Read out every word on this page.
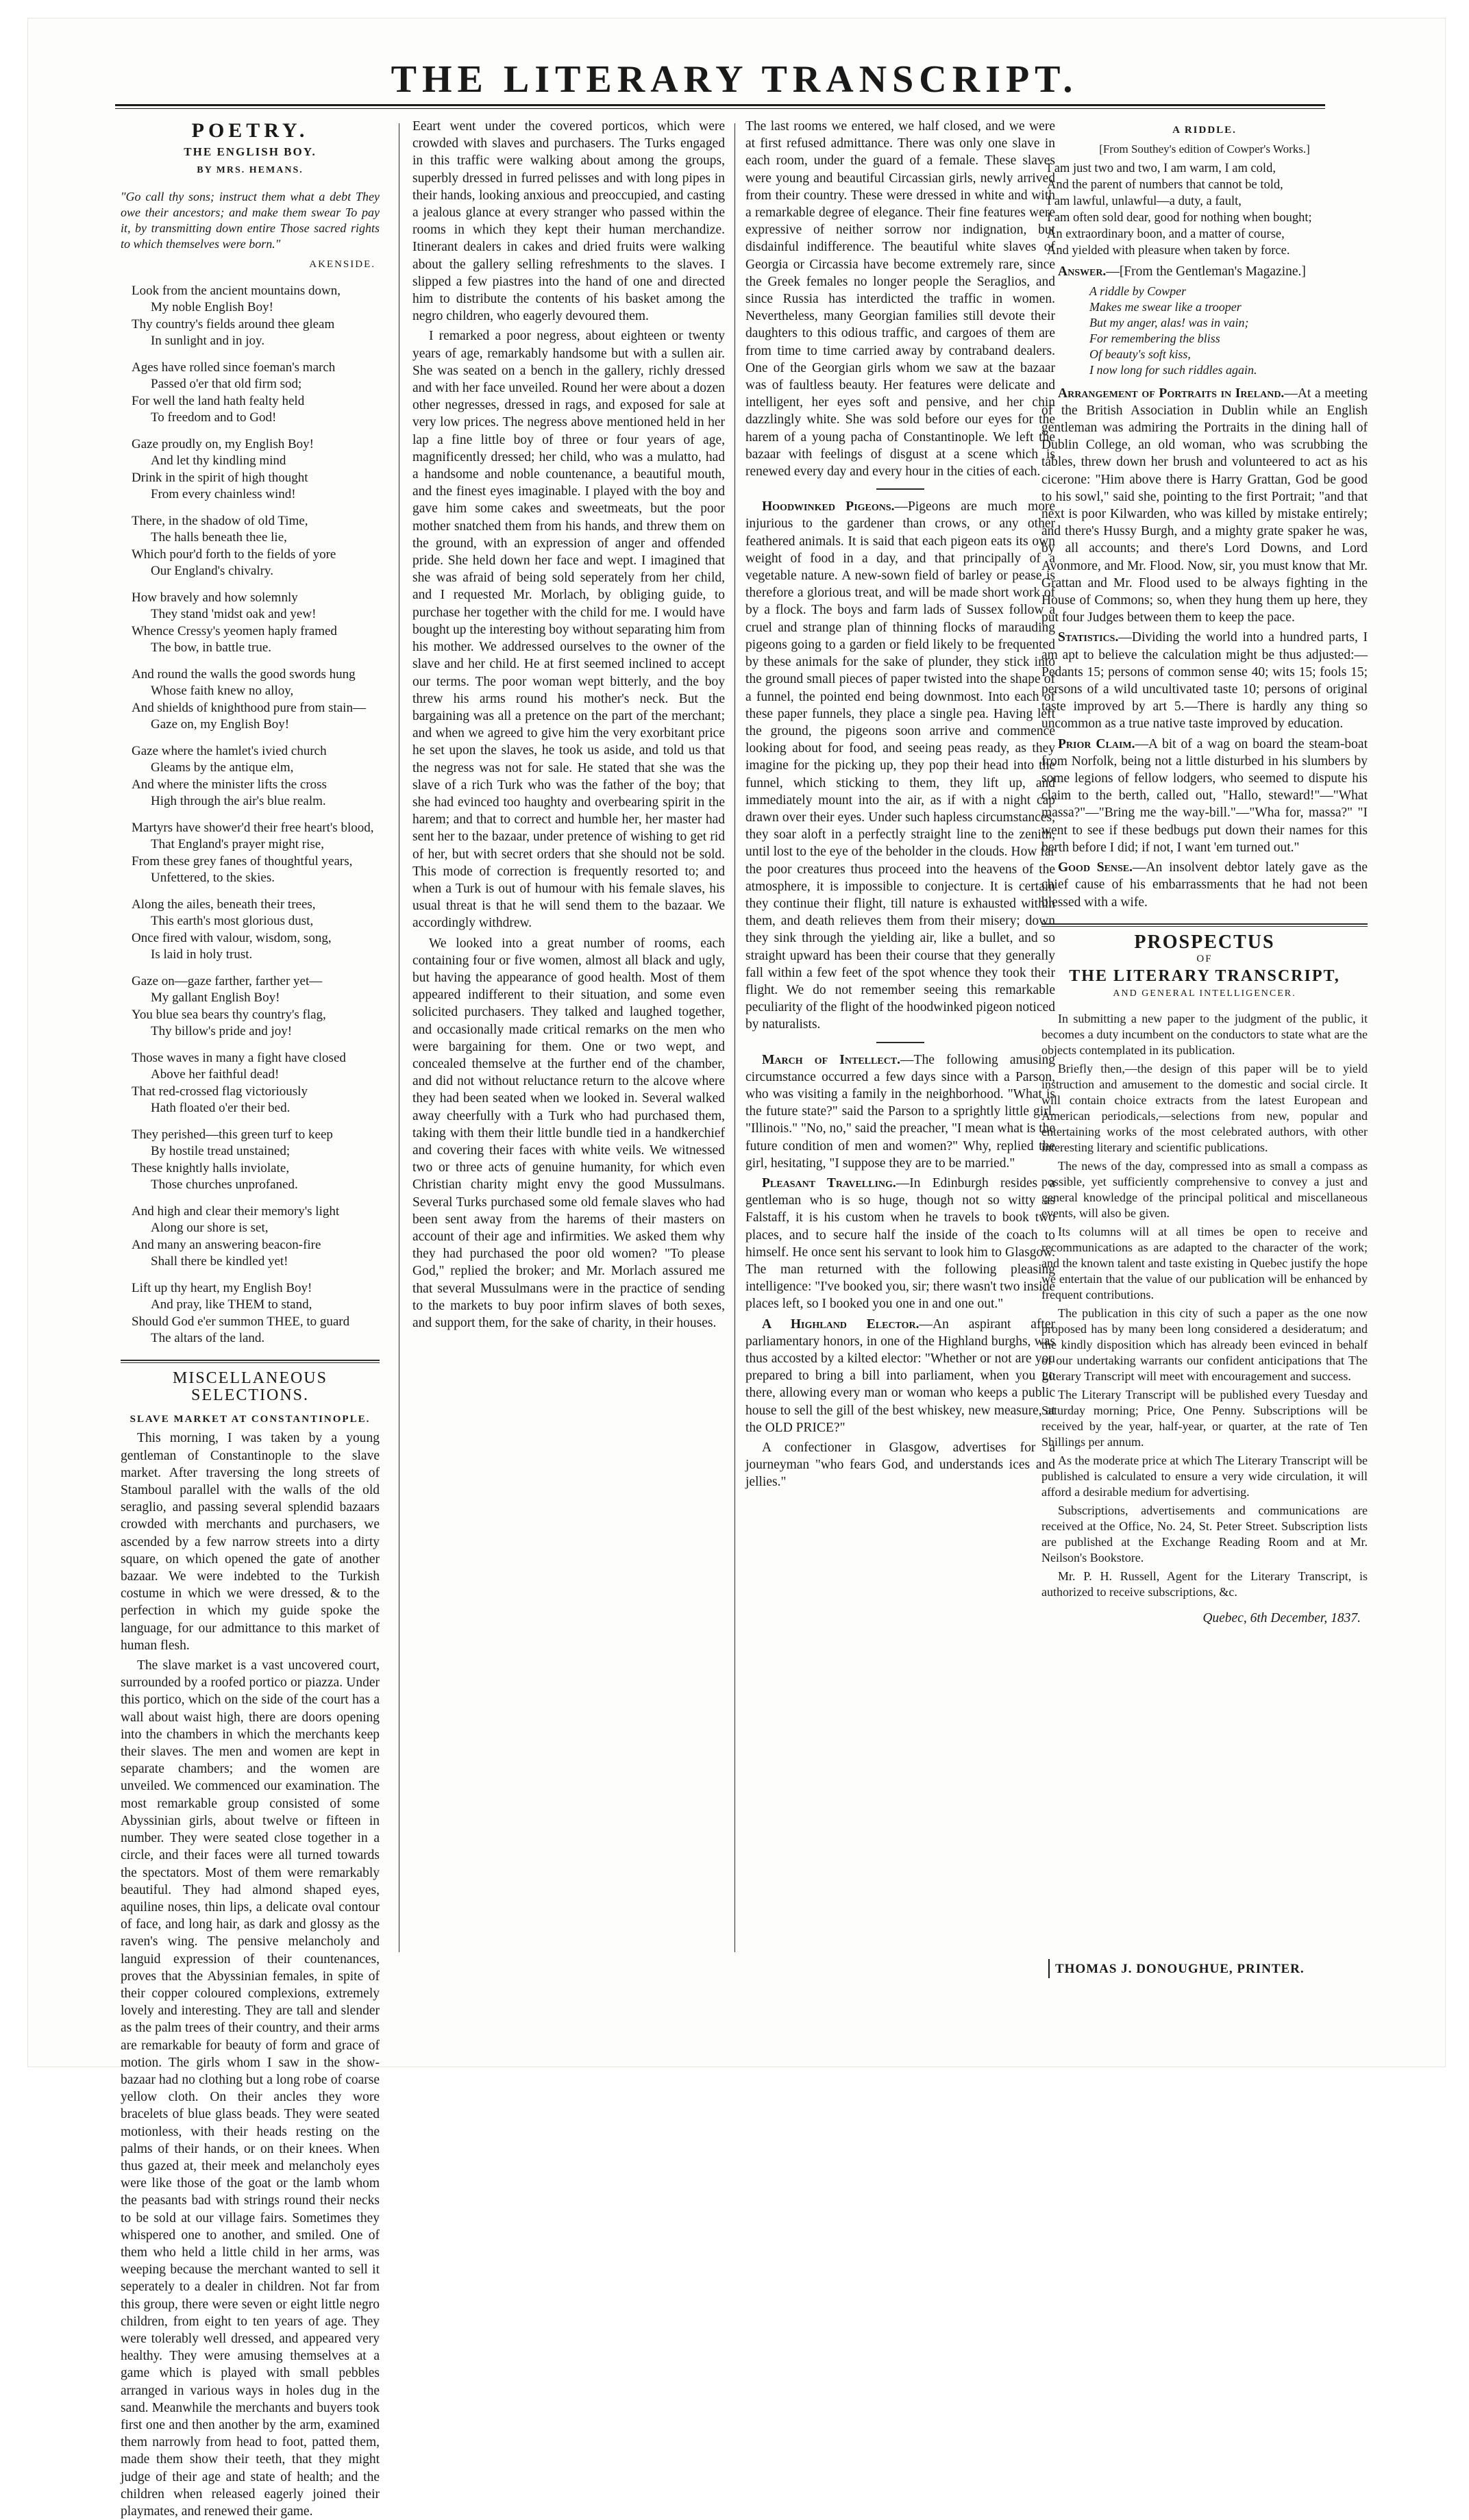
THE LITERARY TRANSCRIPT.
POETRY.
THE ENGLISH BOY.
BY MRS. HEMANS.
"Go call thy sons; instruct them what a debt They owe their ancestors; and make them swear To pay it, by transmitting down entire Those sacred rights to which themselves were born."
AKENSIDE.
Look from the ancient mountains down,
My noble English Boy!
Thy country's fields around thee gleam
In sunlight and in joy.
Ages have rolled since foeman's march
Passed o'er that old firm sod;
For well the land hath fealty held
To freedom and to God!
Gaze proudly on, my English Boy!
And let thy kindling mind
Drink in the spirit of high thought
From every chainless wind!
There, in the shadow of old Time,
The halls beneath thee lie,
Which pour'd forth to the fields of yore
Our England's chivalry.
How bravely and how solemnly
They stand 'midst oak and yew!
Whence Cressy's yeomen haply framed
The bow, in battle true.
And round the walls the good swords hung
Whose faith knew no alloy,
And shields of knighthood pure from stain—
Gaze on, my English Boy!
Gaze where the hamlet's ivied church
Gleams by the antique elm,
And where the minister lifts the cross
High through the air's blue realm.
Martyrs have shower'd their free heart's blood,
That England's prayer might rise,
From these grey fanes of thoughtful years,
Unfettered, to the skies.
Along the ailes, beneath their trees,
This earth's most glorious dust,
Once fired with valour, wisdom, song,
Is laid in holy trust.
Gaze on—gaze farther, farther yet—
My gallant English Boy!
You blue sea bears thy country's flag,
Thy billow's pride and joy!
Those waves in many a fight have closed
Above her faithful dead!
That red-crossed flag victoriously
Hath floated o'er their bed.
They perished—this green turf to keep
By hostile tread unstained;
These knightly halls inviolate,
Those churches unprofaned.
And high and clear their memory's light
Along our shore is set,
And many an answering beacon-fire
Shall there be kindled yet!
Lift up thy heart, my English Boy!
And pray, like THEM to stand,
Should God e'er summon THEE, to guard
The altars of the land.
MISCELLANEOUS SELECTIONS.
SLAVE MARKET AT CONSTANTINOPLE.

This morning, I was taken by a young gentleman of Constantinople to the slave market. After traversing the long streets of Stamboul parallel with the walls of the old seraglio, and passing several splendid bazaars crowded with merchants and purchasers, we ascended by a few narrow streets into a dirty square, on which opened the gate of another bazaar. We were indebted to the Turkish costume in which we were dressed, & to the perfection in which my guide spoke the language, for our admittance to this market of human flesh.

The slave market is a vast uncovered court, surrounded by a roofed portico or piazza. Under this portico, which on the side of the court has a wall about waist high, there are doors opening into the chambers in which the merchants keep their slaves. The men and women are kept in separate chambers; and the women are unveiled. We commenced our examination. The most remarkable group consisted of some Abyssinian girls, about twelve or fifteen in number. They were seated close together in a circle, and their faces were all turned towards the spectators. Most of them were remarkably beautiful. They had almond shaped eyes, aquiline noses, thin lips, a delicate oval contour of face, and long hair, as dark and glossy as the raven's wing. The pensive melancholy and languid expression of their countenances, proves that the Abyssinian females, in spite of their copper coloured complexions, extremely lovely and interesting. They are tall and slender as the palm trees of their country, and their arms are remarkable for beauty of form and grace of motion. The girls whom I saw in the show-bazaar had no clothing but a long robe of coarse yellow cloth. On their ancles they wore bracelets of blue glass beads. They were seated motionless, with their heads resting on the palms of their hands, or on their knees. When thus gazed at, their meek and melancholy eyes were like those of the goat or the lamb whom the peasants bad with strings round their necks to be sold at our village fairs. Sometimes they whispered one to another, and smiled. One of them who held a little child in her arms, was weeping because the merchant wanted to sell it seperately to a dealer in children. Not far from this group, there were seven or eight little negro children, from eight to ten years of age. They were tolerably well dressed, and appeared very healthy. They were amusing themselves at a game which is played with small pebbles arranged in various ways in holes dug in the sand. Meanwhile the merchants and buyers took first one and then another by the arm, examined them narrowly from head to foot, patted them, made them show their teeth, that they might judge of their age and state of health; and the children when released eagerly joined their playmates, and renewed their game.

Eeart went under the covered porticos, which were crowded with slaves and purchasers. The Turks engaged in this traffic were walking about among the groups, superbly dressed in furred pelisses and with long pipes in their hands, looking anxious and preoccupied, and casting a jealous glance at every stranger who passed within the rooms in which they kept their human merchandize. Itinerant dealers in cakes and dried fruits were walking about the gallery selling refreshments to the slaves. I slipped a few piastres into the hand of one and directed him to distribute the contents of his basket among the negro children, who eagerly devoured them.

I remarked a poor negress, about eighteen or twenty years of age, remarkably handsome but with a sullen air. She was seated on a bench in the gallery, richly dressed and with her face unveiled. Round her were about a dozen other negresses, dressed in rags, and exposed for sale at very low prices. The negress above mentioned held in her lap a fine little boy of three or four years of age, magnificently dressed; her child, who was a mulatto, had a handsome and noble countenance, a beautiful mouth, and the finest eyes imaginable. I played with the boy and gave him some cakes and sweetmeats, but the poor mother snatched them from his hands, and threw them on the ground, with an expression of anger and offended pride. She held down her face and wept. I imagined that she was afraid of being sold seperately from her child, and I requested Mr. Morlach, by obliging guide, to purchase her together with the child for me. I would have bought up the interesting boy without separating him from his mother. We addressed ourselves to the owner of the slave and her child. He at first seemed inclined to accept our terms. The poor woman wept bitterly, and the boy threw his arms round his mother's neck. But the bargaining was all a pretence on the part of the merchant; and when we agreed to give him the very exorbitant price he set upon the slaves, he took us aside, and told us that the negress was not for sale. He stated that she was the slave of a rich Turk who was the father of the boy; that she had evinced too haughty and overbearing spirit in the harem; and that to correct and humble her, her master had sent her to the bazaar, under pretence of wishing to get rid of her, but with secret orders that she should not be sold. This mode of correction is frequently resorted to; and when a Turk is out of humour with his female slaves, his usual threat is that he will send them to the bazaar. We accordingly withdrew.

We looked into a great number of rooms, each containing four or five women, almost all black and ugly, but having the appearance of good health. Most of them appeared indifferent to their situation, and some even solicited purchasers. They talked and laughed together, and occasionally made critical remarks on the men who were bargaining for them. One or two wept, and concealed themselve at the further end of the chamber, and did not without reluctance return to the alcove where they had been seated when we looked in. Several walked away cheerfully with a Turk who had purchased them, taking with them their little bundle tied in a handkerchief and covering their faces with white veils. We witnessed two or three acts of genuine humanity, for which even Christian charity might envy the good Mussulmans. Several Turks purchased some old female slaves who had been sent away from the harems of their masters on account of their age and infirmities. We asked them why they had purchased the poor old women? "To please God," replied the broker; and Mr. Morlach assured me that several Mussulmans were in the practice of sending to the markets to buy poor infirm slaves of both sexes, and support them, for the sake of charity, in their houses.

The last rooms we entered, we half closed, and we were at first refused admittance. There was only one slave in each room, under the guard of a female. These slaves were young and beautiful Circassian girls, newly arrived from their country. These were dressed in white and with a remarkable degree of elegance. Their fine features were expressive of neither sorrow nor indignation, but disdainful indifference. The beautiful white slaves of Georgia or Circassia have become extremely rare, since the Greek females no longer people the Seraglios, and since Russia has interdicted the traffic in women. Nevertheless, many Georgian families still devote their daughters to this odious traffic, and cargoes of them are from time to time carried away by contraband dealers. One of the Georgian girls whom we saw at the bazaar was of faultless beauty. Her features were delicate and intelligent, her eyes soft and pensive, and her chin dazzlingly white. She was sold before our eyes for the harem of a young pacha of Constantinople. We left the bazaar with feelings of disgust at a scene which is renewed every day and every hour in the cities of each.

Hoodwinked Pigeons.—Pigeons are much more injurious to the gardener than crows, or any other feathered animals. It is said that each pigeon eats its own weight of food in a day, and that principally of a vegetable nature. A new-sown field of barley or pease is therefore a glorious treat, and will be made short work of by a flock. The boys and farm lads of Sussex follow a cruel and strange plan of thinning flocks of marauding pigeons going to a garden or field likely to be frequented by these animals for the sake of plunder, they stick into the ground small pieces of paper twisted into the shape of a funnel, the pointed end being downmost. Into each of these paper funnels, they place a single pea. Having left the ground, the pigeons soon arrive and commence looking about for food, and seeing peas ready, as they imagine for the picking up, they pop their head into the funnel, which sticking to them, they lift up, and immediately mount into the air, as if with a night cap drawn over their eyes. Under such hapless circumstances, they soar aloft in a perfectly straight line to the zenith, until lost to the eye of the beholder in the clouds. How far the poor creatures thus proceed into the heavens of the atmosphere, it is impossible to conjecture. It is certain they continue their flight, till nature is exhausted within them, and death relieves them from their misery; down they sink through the yielding air, like a bullet, and so straight upward has been their course that they generally fall within a few feet of the spot whence they took their flight. We do not remember seeing this remarkable peculiarity of the flight of the hoodwinked pigeon noticed by naturalists.

March of Intellect.—The following amusing circumstance occurred a few days since with a Parson, who was visiting a family in the neighborhood. "What is the future state?" said the Parson to a sprightly little girl. "Illinois." "No, no," said the preacher, "I mean what is the future condition of men and women?" Why, replied the girl, hesitating, "I suppose they are to be married."

Pleasant Travelling.—In Edinburgh resides a gentleman who is so huge, though not so witty as Falstaff, it is his custom when he travels to book two places, and to secure half the inside of the coach to himself. He once sent his servant to look him to Glasgow. The man returned with the following pleasing intelligence: "I've booked you, sir; there wasn't two inside places left, so I booked you one in and one out."

A Highland Elector.—An aspirant after parliamentary honors, in one of the Highland burghs, was thus accosted by a kilted elector: "Whether or not are you prepared to bring a bill into parliament, when you go there, allowing every man or woman who keeps a public house to sell the gill of the best whiskey, new measure, at the OLD PRICE?"

A confectioner in Glasgow, advertises for a journeyman "who fears God, and understands ices and jellies."

A RIDDLE.
[From Southey's edition of Cowper's Works.]
I am just two and two, I am warm, I am cold,
And the parent of numbers that cannot be told,
I am lawful, unlawful—a duty, a fault,
I am often sold dear, good for nothing when bought;
An extraordinary boon, and a matter of course,
And yielded with pleasure when taken by force.

Answer.—[From the Gentleman's Magazine.]

A riddle by Cowper
Makes me swear like a trooper
But my anger, alas! was in vain;
For remembering the bliss
Of beauty's soft kiss,
I now long for such riddles again.

Arrangement of Portraits in Ireland.—At a meeting of the British Association in Dublin while an English gentleman was admiring the Portraits in the dining hall of Dublin College, an old woman, who was scrubbing the tables, threw down her brush and volunteered to act as his cicerone: "Him above there is Harry Grattan, God be good to his sowl," said she, pointing to the first Portrait; "and that next is poor Kilwarden, who was killed by mistake entirely; and there's Hussy Burgh, and a mighty grate spaker he was, by all accounts; and there's Lord Downs, and Lord Avonmore, and Mr. Flood. Now, sir, you must know that Mr. Grattan and Mr. Flood used to be always fighting in the House of Commons; so, when they hung them up here, they put four Judges between them to keep the pace.

Statistics.—Dividing the world into a hundred parts, I am apt to believe the calculation might be thus adjusted:—Pedants 15; persons of common sense 40; wits 15; fools 15; persons of a wild uncultivated taste 10; persons of original taste improved by art 5.—There is hardly any thing so uncommon as a true native taste improved by education.

Prior Claim.—A bit of a wag on board the steam-boat from Norfolk, being not a little disturbed in his slumbers by some legions of fellow lodgers, who seemed to dispute his claim to the berth, called out, "Hallo, steward!"—"What massa?"—"Bring me the way-bill."—"Wha for, massa?" "I went to see if these bedbugs put down their names for this berth before I did; if not, I want 'em turned out."

Good Sense.—An insolvent debtor lately gave as the chief cause of his embarrassments that he had not been blessed with a wife.

PROSPECTUS
OF
THE LITERARY TRANSCRIPT,
AND GENERAL INTELLIGENCER.

In submitting a new paper to the judgment of the public, it becomes a duty incumbent on the conductors to state what are the objects contemplated in its publication.

Briefly then,—the design of this paper will be to yield instruction and amusement to the domestic and social circle. It will contain choice extracts from the latest European and American periodicals,—selections from new, popular and entertaining works of the most celebrated authors, with other interesting literary and scientific publications.

The news of the day, compressed into as small a compass as possible, yet sufficiently comprehensive to convey a just and general knowledge of the principal political and miscellaneous events, will also be given.

Its columns will at all times be open to receive and recommunications as are adapted to the character of the work; and the known talent and taste existing in Quebec justify the hope we entertain that the value of our publication will be enhanced by frequent contributions.

The publication in this city of such a paper as the one now proposed has by many been long considered a desideratum; and the kindly disposition which has already been evinced in behalf of our undertaking warrants our confident anticipations that The Literary Transcript will meet with encouragement and success.

The Literary Transcript will be published every Tuesday and Saturday morning; Price, One Penny. Subscriptions will be received by the year, half-year, or quarter, at the rate of Ten Shillings per annum.

As the moderate price at which The Literary Transcript will be published is calculated to ensure a very wide circulation, it will afford a desirable medium for advertising.

Subscriptions, advertisements and communications are received at the Office, No. 24, St. Peter Street. Subscription lists are published at the Exchange Reading Room and at Mr. Neilson's Bookstore.

Mr. P. H. Russell, Agent for the Literary Transcript, is authorized to receive subscriptions, &c.

Quebec, 6th December, 1837.
THOMAS J. DONOUGHUE, PRINTER.
